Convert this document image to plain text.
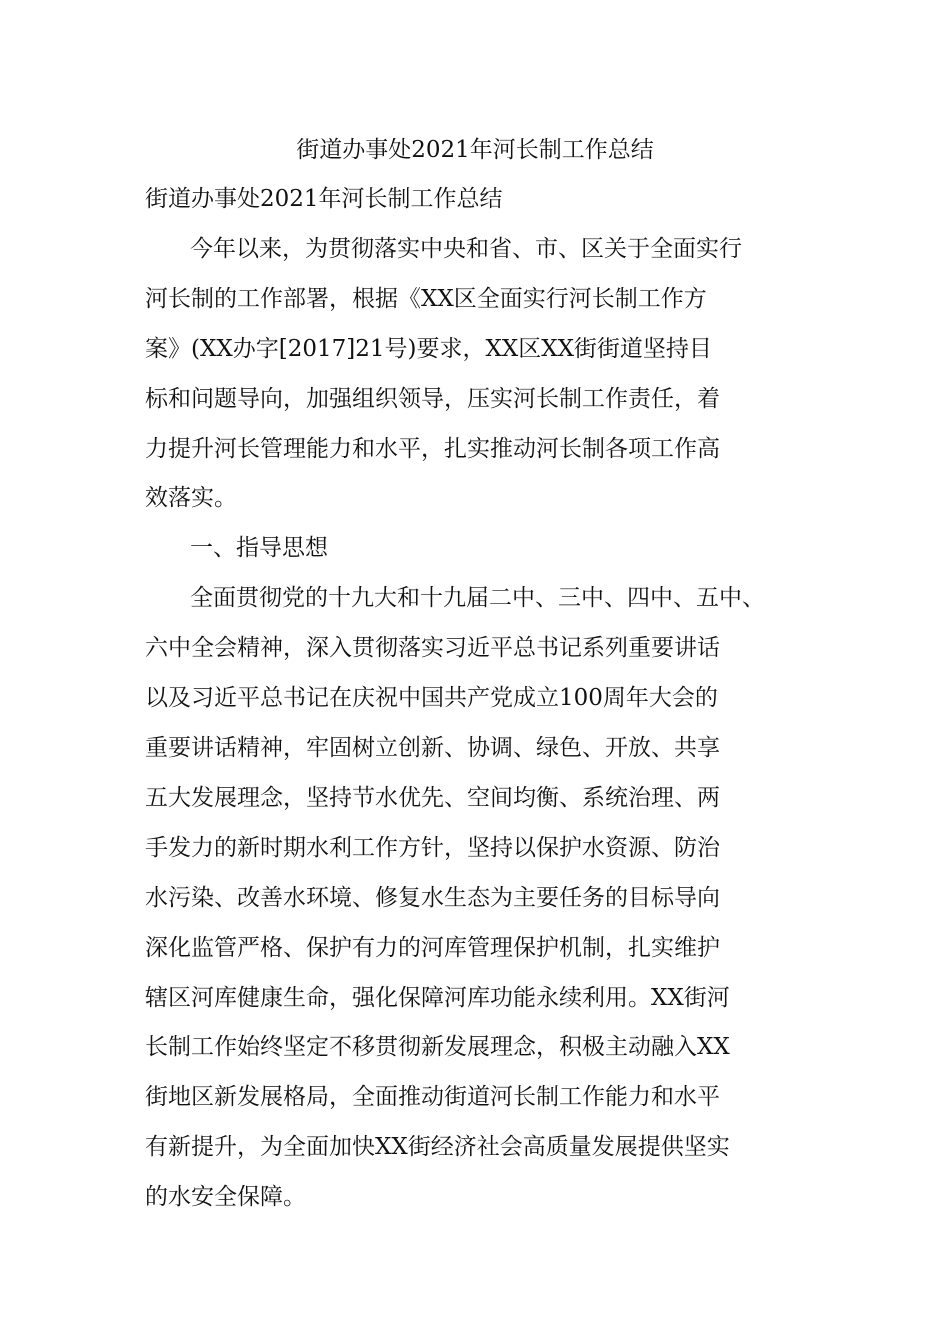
街道办事处2021年河长制工作总结
街道办事处2021年河长制工作总结
今年以来，为贯彻落实中央和省、市、区关于全面实行
河长制的工作部署，根据《XX区全面实行河长制工作方
案》(XX办字[2017]21号)要求，XX区XX街街道坚持目
标和问题导向，加强组织领导，压实河长制工作责任，着
力提升河长管理能力和水平，扎实推动河长制各项工作高
效落实。
一、指导思想
全面贯彻党的十九大和十九届二中、三中、四中、五中、
六中全会精神，深入贯彻落实习近平总书记系列重要讲话
以及习近平总书记在庆祝中国共产党成立100周年大会的
重要讲话精神，牢固树立创新、协调、绿色、开放、共享
五大发展理念，坚持节水优先、空间均衡、系统治理、两
手发力的新时期水利工作方针，坚持以保护水资源、防治
水污染、改善水环境、修复水生态为主要任务的目标导向
深化监管严格、保护有力的河库管理保护机制，扎实维护
辖区河库健康生命，强化保障河库功能永续利用。XX街河
长制工作始终坚定不移贯彻新发展理念，积极主动融入XX
街地区新发展格局，全面推动街道河长制工作能力和水平
有新提升，为全面加快XX街经济社会高质量发展提供坚实
的水安全保障。
